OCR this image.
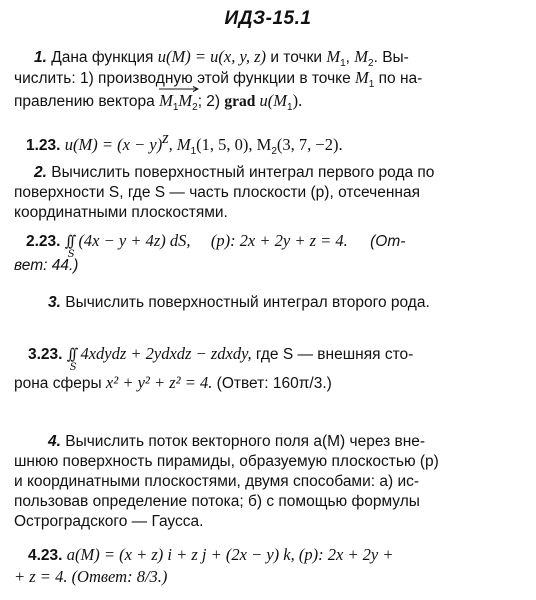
ИДЗ-15.1
1. Дана функция u(M) = u(x, y, z) и точки $M_1$, $M_2$. Вы-
числить: 1) производную этой функции в точке $M_1$ по на-
правлению вектора
$M_1M_2$; 2) grad $u(M_1)$.
1.23. $u(M) = (x - y)^z$, $M_1(1$, 5, 0), $M_2(3$, 7, −2).
2. Вычислить поверхностный интеграл первого рода по
поверхности S, где S — часть плоскости (p), отсеченная
координатными плоскостями.
2.23. ∫∫
S
(4x − y + 4z) dS, (p): 2x + 2y + z = 4. (От-
вет: 44.)
3. Вычислить поверхностный интеграл второго рода.
3.23. ∫∫
S
4xdydz + 2ydxdz − zdxdy, где S — внешняя сто-
рона сферы x² + y² + z² = 4. (Ответ: 160π/3.)
4. Вычислить поток векторного поля a(M) через вне-
шнюю поверхность пирамиды, образуемую плоскостью (p)
и координатными плоскостями, двумя способами: а) ис-
пользовав определение потока; б) с помощью формулы
Остроградского — Гаусса.
4.23. a(M) = (x + z) i + z j + (2x − y) k, (p): 2x + 2y +
+ z = 4. (Ответ: 8/3.)
